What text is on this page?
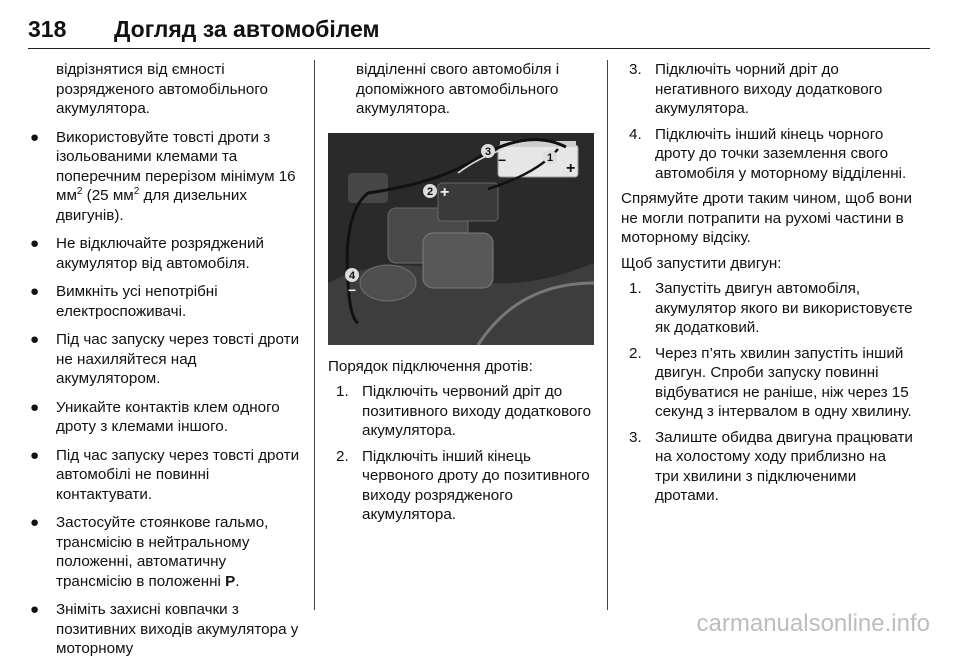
318 Догляд за автомобілем

відрізнятися від ємності розрядженого автомобільного акумулятора.

● Використовуйте товсті дроти з ізольованими клемами та поперечним перерізом мінімум 16 $мм^2$ (25 $мм^2$ для дизельних двигунів).
● Не відключайте розряджений акумулятор від автомобіля.
● Вимкніть усі непотрібні електроспоживачі.
● Під час запуску через товсті дроти не нахиляйтеся над акумулятором.
● Уникайте контактів клем одного дроту з клемами іншого.
● Під час запуску через товсті дроти автомобілі не повинні контактувати.
● Застосуйте стоянкове гальмо, трансмісію в нейтральному положенні, автоматичну трансмісію в положенні P.
● Зніміть захисні ковпачки з позитивних виходів акумулятора у моторному

відділенні свого автомобіля і допоміжного автомобільного акумулятора.

1
+
2 +
3 −
4
−

Порядок підключення дротів:

1. Підключіть червоний дріт до позитивного виходу додаткового акумулятора.
2. Підключіть інший кінець червоного дроту до позитивного виходу розрядженого акумулятора.
3. Підключіть чорний дріт до негативного виходу додаткового акумулятора.
4. Підключіть інший кінець чорного дроту до точки заземлення свого автомобіля у моторному відділенні.

Спрямуйте дроти таким чином, щоб вони не могли потрапити на рухомі частини в моторному відсіку.

Щоб запустити двигун:

1. Запустіть двигун автомобіля, акумулятор якого ви використовуєте як додатковий.
2. Через п’ять хвилин запустіть інший двигун. Спроби запуску повинні відбуватися не раніше, ніж через 15 секунд з інтервалом в одну хвилину.
3. Залиште обидва двигуна працювати на холостому ходу приблизно на три хвилини з підключеними дротами.
carmanualsonline.info
